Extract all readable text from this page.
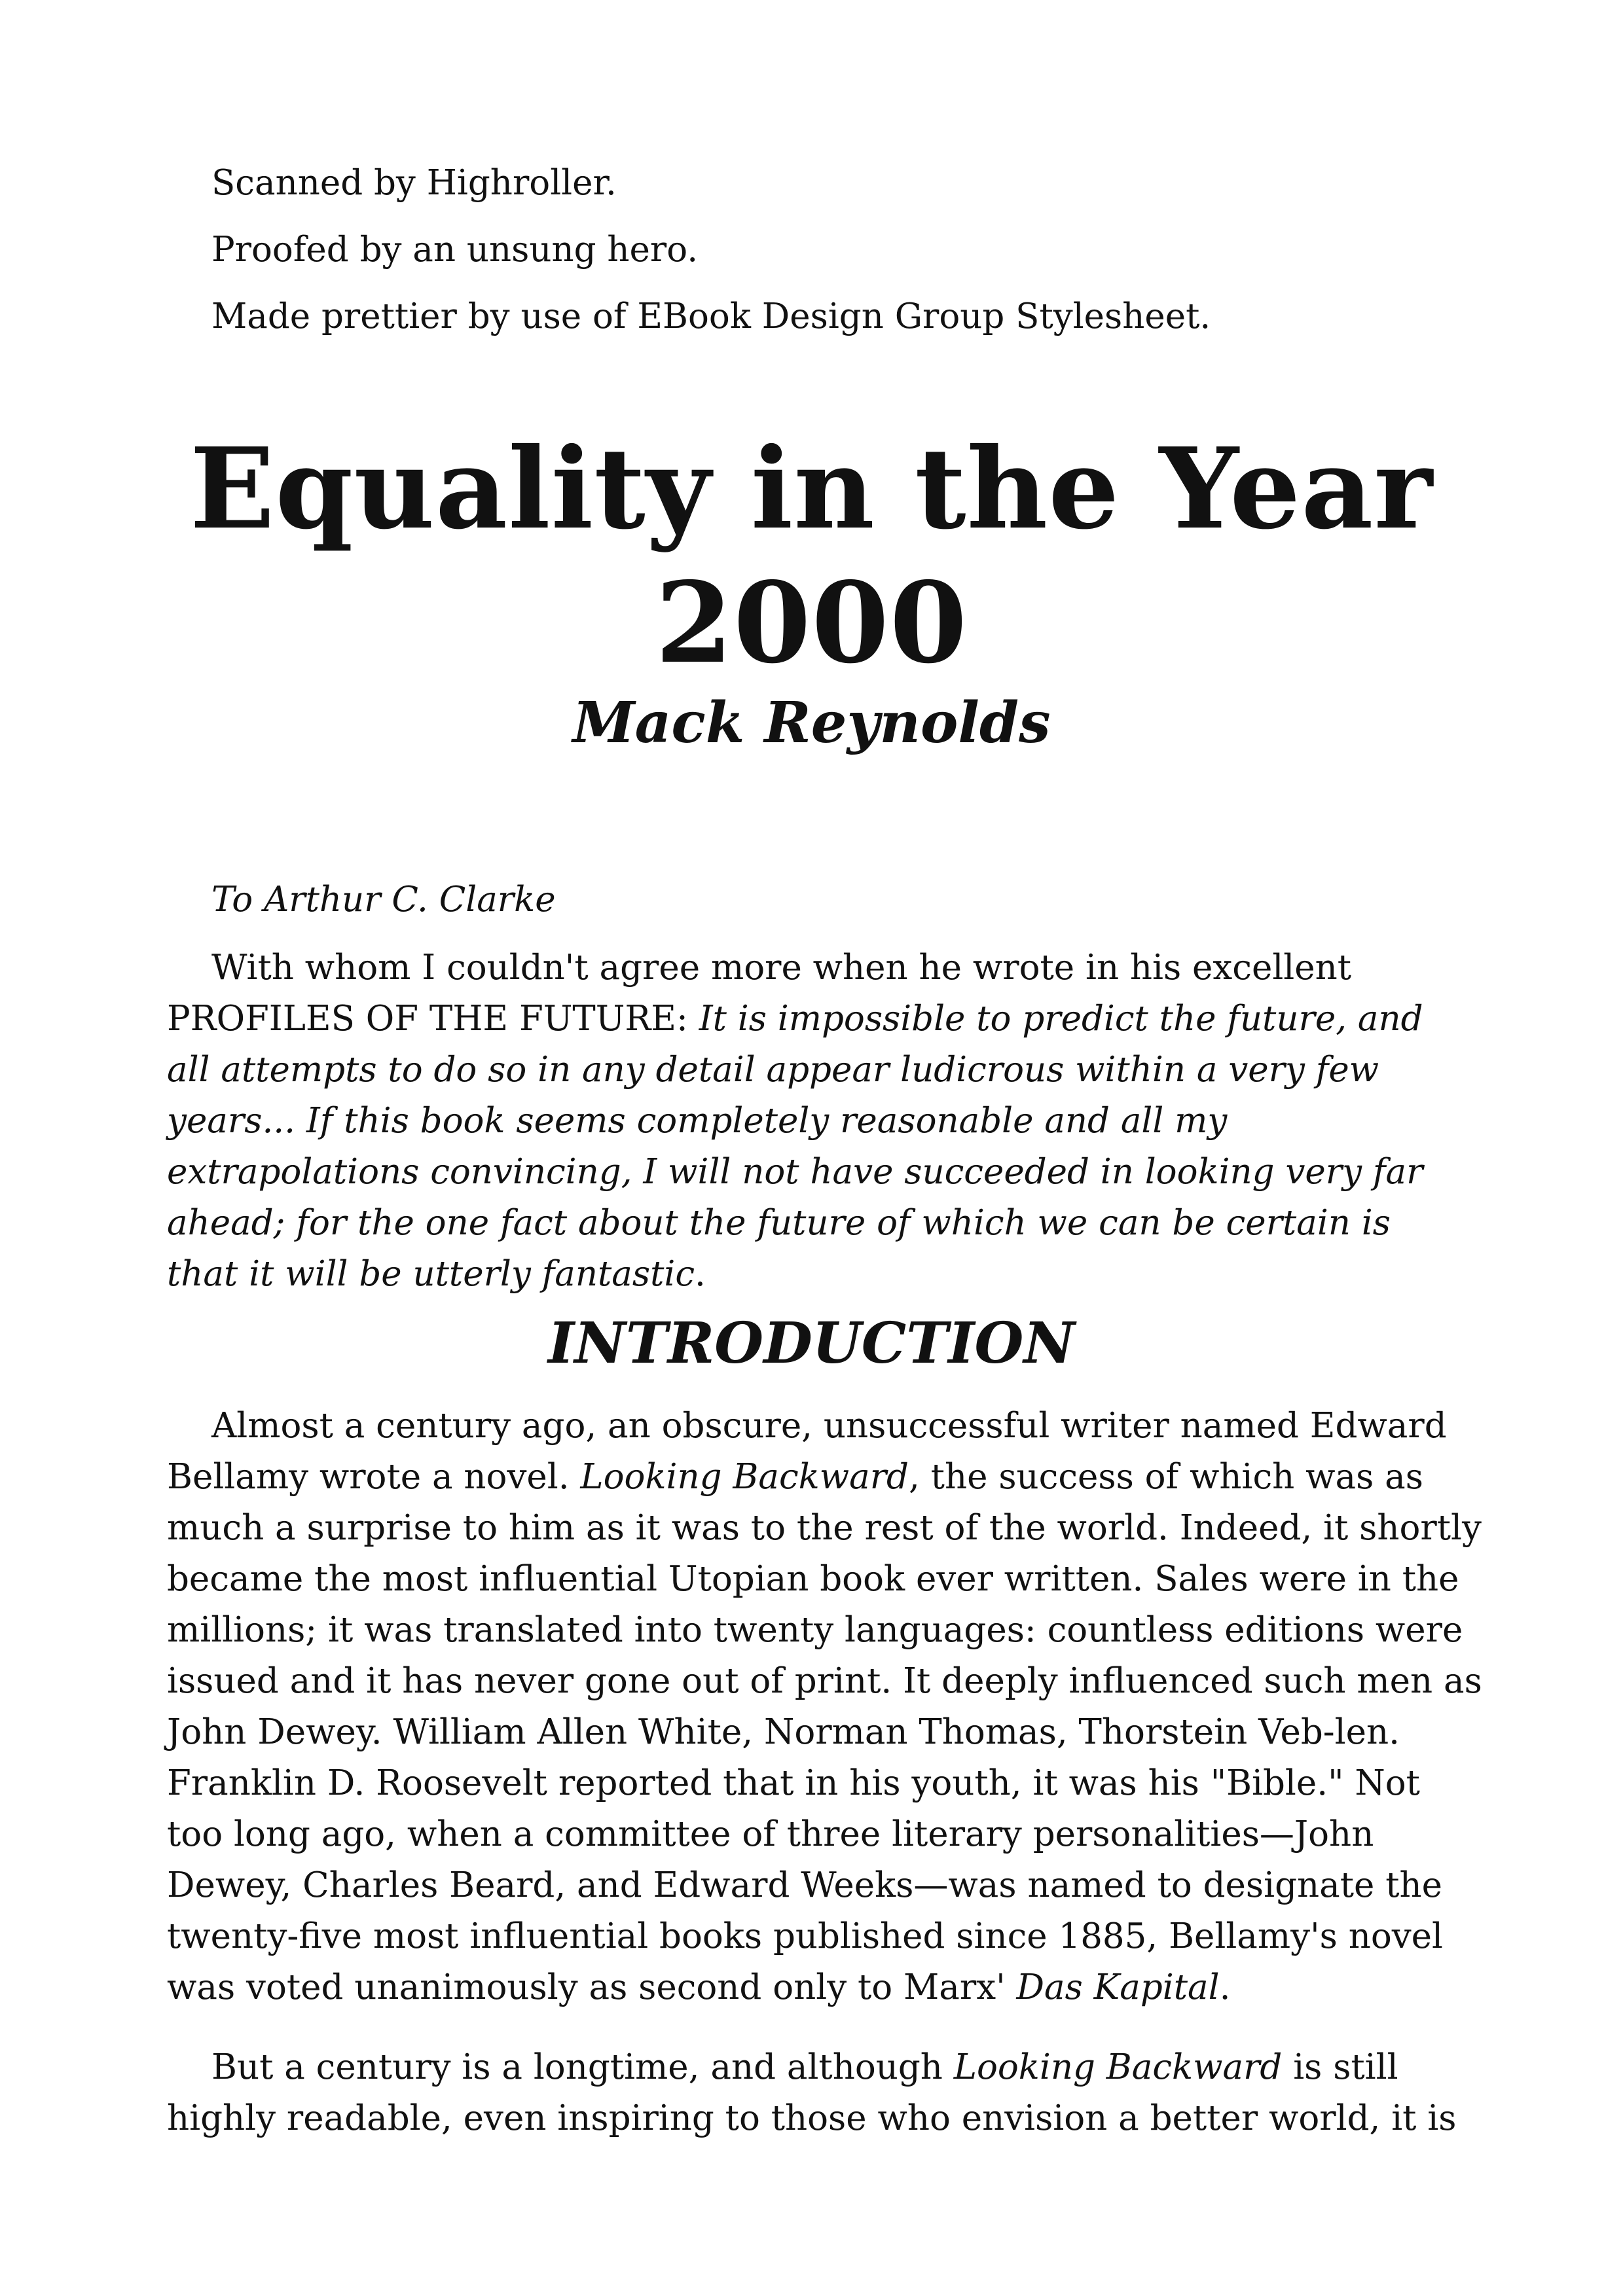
Scanned by Highroller.
Proofed by an unsung hero.
Made prettier by use of EBook Design Group Stylesheet.
Equality in the Year
2000
Mack Reynolds
To Arthur C. Clarke
With whom I couldn't agree more when he wrote in his excellent
PROFILES OF THE FUTURE: It is impossible to predict the future, and
all attempts to do so in any detail appear ludicrous within a very few
years... If this book seems completely reasonable and all my
extrapolations convincing, I will not have succeeded in looking very far
ahead; for the one fact about the future of which we can be certain is
that it will be utterly fantastic.
INTRODUCTION
Almost a century ago, an obscure, unsuccessful writer named Edward
Bellamy wrote a novel. Looking Backward, the success of which was as
much a surprise to him as it was to the rest of the world. Indeed, it shortly
became the most influential Utopian book ever written. Sales were in the
millions; it was translated into twenty languages: countless editions were
issued and it has never gone out of print. It deeply influenced such men as
John Dewey. William Allen White, Norman Thomas, Thorstein Veb-len.
Franklin D. Roosevelt reported that in his youth, it was his "Bible." Not
too long ago, when a committee of three literary personalities—John
Dewey, Charles Beard, and Edward Weeks—was named to designate the
twenty-five most influential books published since 1885, Bellamy's novel
was voted unanimously as second only to Marx' Das Kapital.
But a century is a longtime, and although Looking Backward is still
highly readable, even inspiring to those who envision a better world, it is
